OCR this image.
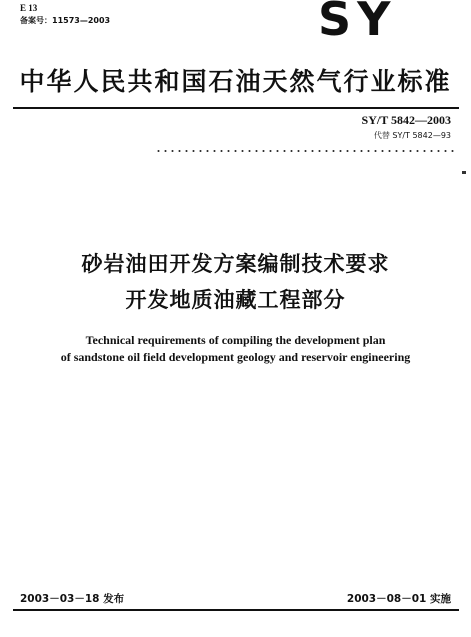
E 13
备案号：11573—2003	SY
中华人民共和国石油天然气行业标准
SY/T 5842—2003
代替 SY/T 5842—93
砂岩油田开发方案编制技术要求
开发地质油藏工程部分
Technical requirements of compiling the development plan
of sandstone oil field development geology and reservoir engineering
2003－03－18 发布	2003－08－01 实施
